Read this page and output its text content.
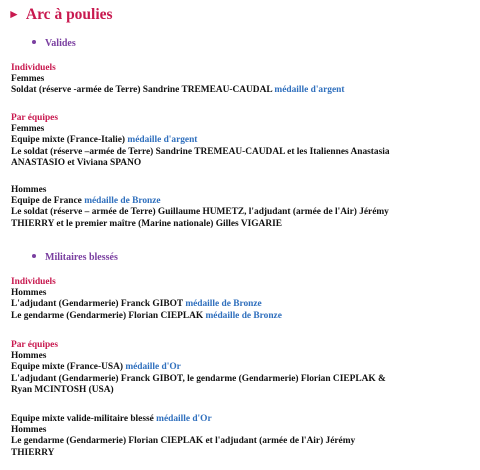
► Arc à poulies
Valides
Individuels
Femmes
Soldat (réserve -armée de Terre) Sandrine TREMEAU-CAUDAL médaille d'argent
Par équipes
Femmes
Equipe mixte (France-Italie) médaille d'argent
Le soldat (réserve –armée de Terre) Sandrine TREMEAU-CAUDAL et les Italiennes Anastasia
ANASTASIO et Viviana SPANO
Hommes
Equipe de France médaille de Bronze
Le soldat (réserve – armée de Terre) Guillaume HUMETZ, l'adjudant (armée de l'Air) Jérémy
THIERRY et le premier maître (Marine nationale) Gilles VIGARIE
Militaires blessés
Individuels
Hommes
L'adjudant (Gendarmerie) Franck GIBOT médaille de Bronze
Le gendarme (Gendarmerie) Florian CIEPLAK médaille de Bronze
Par équipes
Hommes
Equipe mixte (France-USA) médaille d'Or
L'adjudant (Gendarmerie) Franck GIBOT, le gendarme (Gendarmerie) Florian CIEPLAK &
Ryan MCINTOSH (USA)
Equipe mixte valide-militaire blessé médaille d'Or
Hommes
Le gendarme (Gendarmerie) Florian CIEPLAK et l'adjudant (armée de l'Air) Jérémy
THIERRY
